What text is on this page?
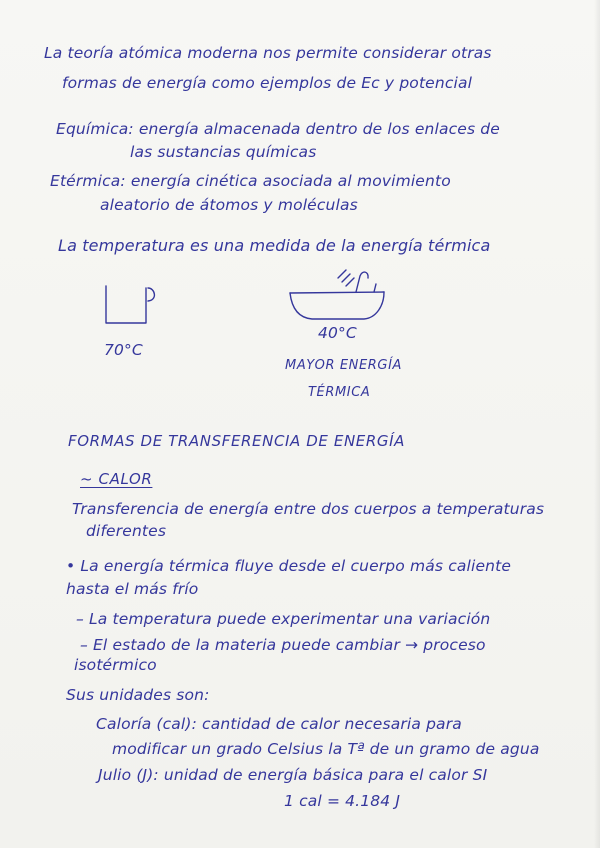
La teoría atómica moderna nos permite considerar otras
formas de energía como ejemplos de Ec y potencial
Equímica: energía almacenada dentro de los enlaces de
las sustancias químicas
Etérmica: energía cinética asociada al movimiento
aleatorio de átomos y moléculas
La temperatura es una medida de la energía térmica
70°C
40°C
MAYOR ENERGÍA
TÉRMICA
FORMAS DE TRANSFERENCIA DE ENERGÍA
~ CALOR
Transferencia de energía entre dos cuerpos a temperaturas
diferentes
• La energía térmica fluye desde el cuerpo más caliente
hasta el más frío
– La temperatura puede experimentar una variación
– El estado de la materia puede cambiar → proceso
isotérmico
Sus unidades son:
Caloría (cal): cantidad de calor necesaria para
modificar un grado Celsius la Tª de un gramo de agua
Julio (J): unidad de energía básica para el calor SI
1 cal = 4.184 J
